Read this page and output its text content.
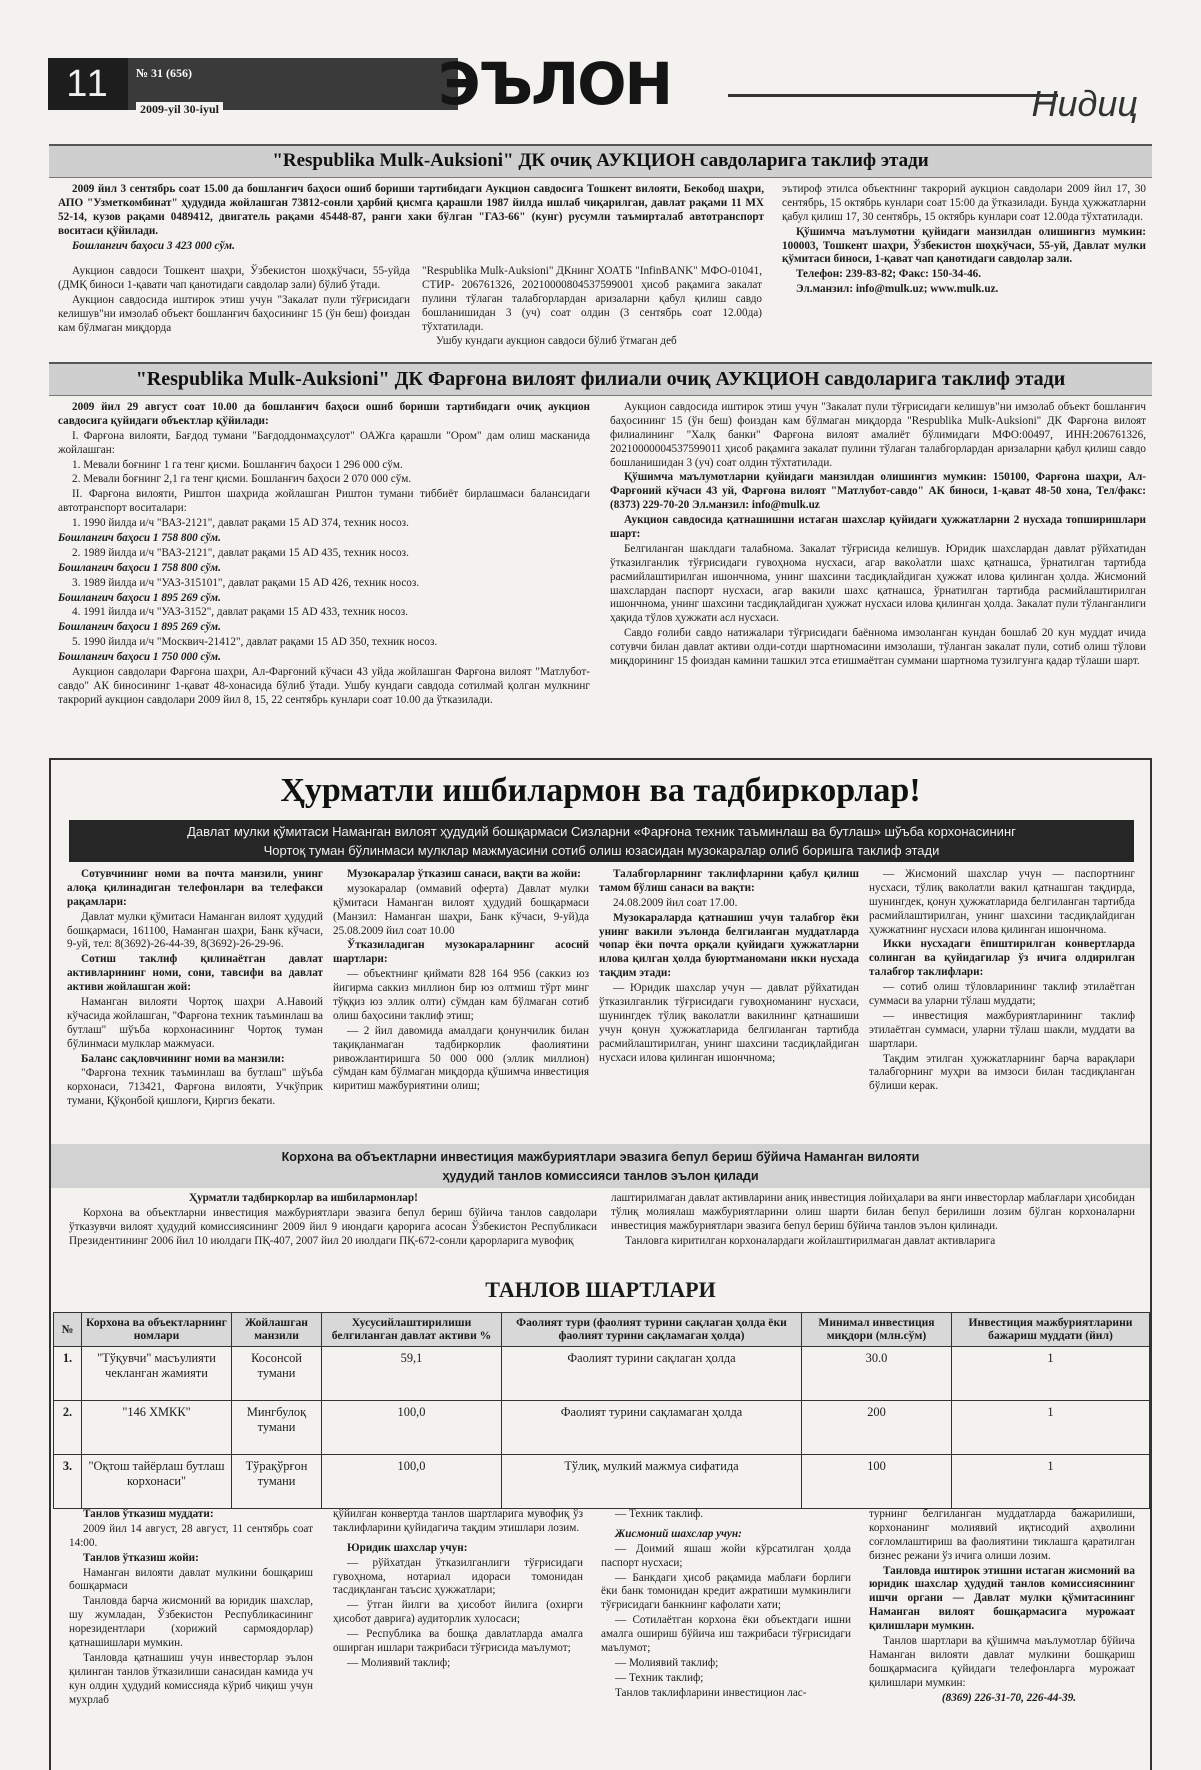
11	№ 31 (656)
2009-yil 30-iyul	ЭЪЛОН	Нидиц
"Respublika Mulk-Auksioni" ДК очиқ АУКЦИОН савдоларига таклиф этади

2009 йил 3 сентябрь соат 15.00 да бошланғич баҳоси ошиб бориши тартибидаги Аукцион савдосига Тошкент вилояти, Бекобод шаҳри, АПО "Узметкомбинат" ҳудудида жойлашган 73812-сонли ҳарбий қисмга қарашли 1987 йилда ишлаб чиқарилган, давлат рақами 11 МХ 52-14, кузов рақами 0489412, двигатель рақами 45448-87, ранги хаки бўлган "ГАЗ-66" (кунг) русумли таъмирталаб автотранспорт воситаси қўйилади.

Бошланғич баҳоси 3 423 000 сўм.

Аукцион савдоси Тошкент шаҳри, Ўзбекистон шоҳкўчаси, 55-уйда (ДМҚ биноси 1-қавати чап қанотидаги савдолар зали) бўлиб ўтади.

Аукцион савдосида иштирок этиш учун "Закалат пули тўғрисидаги келишув"ни имзолаб объект бошланғич баҳосининг 15 (ўн беш) фоиздан кам бўлмаган миқдорда

"Respublika Mulk-Auksioni" ДКнинг ХОАТБ "InfinBANK" МФО-01041, СТИР- 206761326, 20210000804537599001 ҳисоб рақамига закалат пулини тўлаган талабгорлардан аризаларни қабул қилиш савдо бошланишидан 3 (уч) соат олдин (3 сентябрь соат 12.00да) тўхтатилади.

Ушбу кундаги аукцион савдоси бўлиб ўтмаган деб

эътироф этилса объектнинг такрорий аукцион савдолари 2009 йил 17, 30 сентябрь, 15 октябрь кунлари соат 15:00 да ўтказилади. Бунда ҳужжатларни қабул қилиш 17, 30 сентябрь, 15 октябрь кунлари соат 12.00да тўхтатилади.

Қўшимча маълумотни қуйидаги манзилдан олишингиз мумкин: 100003, Тошкент шаҳри, Ўзбекистон шоҳкўчаси, 55-уй, Давлат мулки қўмитаси биноси, 1-қават чап қанотидаги савдолар зали.

Телефон: 239-83-82; Факс: 150-34-46.

Эл.манзил: info@mulk.uz; www.mulk.uz.

"Respublika Mulk-Auksioni" ДК Фарғона вилоят филиали очиқ АУКЦИОН савдоларига таклиф этади

2009 йил 29 август соат 10.00 да бошланғич баҳоси ошиб бориши тартибидаги очиқ аукцион савдосига қуйидаги объектлар қўйилади:

I. Фарғона вилояти, Бағдод тумани "Бағдоддонмаҳсулот" ОАЖга қарашли "Ором" дам олиш масканида жойлашган:

1. Мевали боғнинг 1 га тенг қисми. Бошланғич баҳоси 1 296 000 сўм.

2. Мевали боғнинг 2,1 га тенг қисми. Бошланғич баҳоси 2 070 000 сўм.

II. Фарғона вилояти, Риштон шаҳрида жойлашган Риштон тумани тиббиёт бирлашмаси балансидаги автотранспорт воситалари:

1. 1990 йилда и/ч "ВАЗ-2121", давлат рақами 15 AD 374, техник носоз.

Бошланғич баҳоси 1 758 800 сўм.

2. 1989 йилда и/ч "ВАЗ-2121", давлат рақами 15 AD 435, техник носоз.

Бошланғич баҳоси 1 758 800 сўм.

3. 1989 йилда и/ч "УАЗ-315101", давлат рақами 15 AD 426, техник носоз.

Бошланғич баҳоси 1 895 269 сўм.

4. 1991 йилда и/ч "УАЗ-3152", давлат рақами 15 AD 433, техник носоз.

Бошланғич баҳоси 1 895 269 сўм.

5. 1990 йилда и/ч "Москвич-21412", давлат рақами 15 AD 350, техник носоз.

Бошланғич баҳоси 1 750 000 сўм.

Аукцион савдолари Фарғона шаҳри, Ал-Фарғоний кўчаси 43 уйда жойлашган Фарғона вилоят "Матлубот-савдо" АК биносининг 1-қават 48-хонасида бўлиб ўтади. Ушбу кундаги савдода сотилмай қолган мулкнинг такрорий аукцион савдолари 2009 йил 8, 15, 22 сентябрь кунлари соат 10.00 да ўтказилади.

Аукцион савдосида иштирок этиш учун "Закалат пули тўғрисидаги келишув"ни имзолаб объект бошланғич баҳосининг 15 (ўн беш) фоиздан кам бўлмаган миқдорда "Respublika Mulk-Auksioni" ДК Фарғона вилоят филиалининг "Халқ банки" Фарғона вилоят амалиёт бўлимидаги МФО:00497, ИНН:206761326, 20210000004537599011 ҳисоб рақамига закалат пулини тўлаган талабгорлардан аризаларни қабул қилиш савдо бошланишидан 3 (уч) соат олдин тўхтатилади.

Қўшимча маълумотларни қуйидаги манзилдан олишингиз мумкин: 150100, Фарғона шаҳри, Ал-Фарғоний кўчаси 43 уй, Фарғона вилоят "Матлубот-савдо" АК биноси, 1-қават 48-50 хона, Тел/факс: (8373) 229-70-20 Эл.манзил: info@mulk.uz

Аукцион савдосида қатнашишни истаган шахслар қуйидаги ҳужжатларни 2 нусхада топширишлари шарт:

Белгиланган шаклдаги талабнома. Закалат тўғрисида келишув. Юридик шахслардан давлат рўйхатидан ўтказилганлик тўғрисидаги гувоҳнома нусхаси, агар вакολатли шахс қатнашса, ўрнатилган тартибда расмийлаштирилган ишончнома, унинг шахсини тасдиқлайдиган ҳужжат илова қилинган ҳолда. Жисмоний шахслардан паспорт нусхаси, агар вакили шахс қатнашса, ўрнатилган тартибда расмийлаштирилган ишончнома, унинг шахсини тасдиқлайдиган ҳужжат нусхаси илова қилинган ҳолда. Закалат пули тўланганлиги ҳақида тўлов ҳужжати асл нусхаси.

Савдо ғолиби савдо натижалари тўғрисидаги баённома имзоланган кундан бошлаб 20 кун муддат ичида сотувчи билан давлат активи олди-сотди шартномасини имзолаши, тўланган закалат пули, сотиб олиш тўлови миқдорининг 15 фоиздан камини ташкил этса етишмаётган суммани шартнома тузилгунга қадар тўлаши шарт.

Ҳурматли ишбилармон ва тадбиркорлар!
Давлат мулки қўмитаси Наманган вилоят ҳудудий бошқармаси Сизларни «Фарғона техник таъминлаш ва бутлаш» шўъба корхонасининг
Чортоқ туман бўлинмаси мулклар мажмуасини сотиб олиш юзасидан музокаралар олиб боришга таклиф этади

Сотувчининг номи ва почта манзили, унинг алоқа қилинадиган телефонлари ва телефакси рақамлари:

Давлат мулки қўмитаси Наманган вилоят ҳудудий бошқармаси, 161100, Наманган шаҳри, Банк кўчаси, 9-уй, тел: 8(3692)-26-44-39, 8(3692)-26-29-96.

Сотиш таклиф қилинаётган давлат активларининг номи, сони, тавсифи ва давлат активи жойлашган жой:

Наманган вилояти Чортоқ шаҳри А.Навоий кўчасида жойлашган, "Фарғона техник таъминлаш ва бутлаш" шўъба корхонасининг Чортоқ туман бўлинмаси мулклар мажмуаси.

Баланс сақловчининг номи ва манзили:

"Фарғона техник таъминлаш ва бутлаш" шўъба корхонаси, 713421, Фарғона вилояти, Учкўприк тумани, Қўқонбой қишлоғи, Қиргиз бекати.

Музокаралар ўтказиш санаси, вақти ва жойи:

музокаралар (оммавий оферта) Давлат мулки қўмитаси Наманган вилоят ҳудудий бошқармаси (Манзил: Наманган шаҳри, Банк кўчаси, 9-уй)да 25.08.2009 йил соат 10.00

Ўтказиладиган музокараларнинг асосий шартлари:

— объектнинг қиймати 828 164 956 (саккиз юз йигирма саккиз миллион бир юз олтмиш тўрт минг тўққиз юз эллик олти) сўмдан кам бўлмаган сотиб олиш баҳосини таклиф этиш;

— 2 йил давомида амалдаги қонунчилик билан тақиқланмаган тадбиркорлик фаолиятини ривожлантиришга 50 000 000 (эллик миллион) сўмдан кам бўлмаган миқдорда қўшимча инвестиция киритиш мажбуриятини олиш;

Талабгорларнинг таклифларини қабул қилиш тамом бўлиш санаси ва вақти:

24.08.2009 йил соат 17.00.

Музокараларда қатнашиш учун талабгор ёки унинг вакили эълонда белгиланган муддатларда чопар ёки почта орқали қуйидаги ҳужжатларни илова қилган ҳолда буюртманомани икки нусхада тақдим этади:

— Юридик шахслар учун — давлат рўйхатидан ўтказилганлик тўғрисидаги гувоҳноманинг нусхаси, шунингдек тўлиқ ваколатли вакилнинг қатнашиши учун қонун ҳужжатларида белгиланган тартибда расмийлаштирилган, унинг шахсини тасдиқлайдиган нусхаси илова қилинган ишончнома;

— Жисмоний шахслар учун — паспортнинг нусхаси, тўлиқ ваколатли вакил қатнашган тақдирда, шунингдек, қонун ҳужжатларида белгиланган тартибда расмийлаштирилган, унинг шахсини тасдиқлайдиган ҳужжатнинг нусхаси илова қилинган ишончнома.

Икки нусхадаги ёпиштирилган конвертларда солинган ва қуйидагилар ўз ичига олдирилган талабгор таклифлари:

— сотиб олиш тўловларининг таклиф этилаётган суммаси ва уларни тўлаш муддати;

— инвестиция мажбуриятларининг таклиф этилаётган суммаси, уларни тўлаш шакли, муддати ва шартлари.

Тақдим этилган ҳужжатларнинг барча варақлари талабгорнинг муҳри ва имзоси билан тасдиқланган бўлиши керак.

Корхона ва объектларни инвестиция мажбуриятлари эвазига бепул бериш бўйича Наманган вилояти
ҳудудий танлов комиссияси танлов эълон қилади

Ҳурматли тадбиркорлар ва ишбилармонлар!

Корхона ва объектларни инвестиция мажбуриятлари эвазига бепул бериш бўйича танлов савдолари ўтказувчи вилоят ҳудудий комиссиясининг 2009 йил 9 июндаги қарорига асосан Ўзбекистон Республикаси Президентининг 2006 йил 10 июлдаги ПҚ-407, 2007 йил 20 июлдаги ПҚ-672-сонли қарорларига мувофиқ

лаштирилмаган давлат активларини аниқ инвестиция лойиҳалари ва янги инвесторлар маблағлари ҳисобидан тўлиқ молиялаш мажбуриятларини олиш шарти билан бепул берилиши лозим бўлган корхоналарни инвестиция мажбуриятлари эвазига бепул бериш бўйича танлов эълон қилинади.

Танловга киритилган корхоналардаги жойлаштирилмаган давлат активларига

ТАНЛОВ ШАРТЛАРИ
№	Корхона ва объектларнинг номлари	Жойлашган манзили	Хусусийлаштирилиши белгиланган давлат активи %	Фаолият тури (фаолият турини сақлаган ҳолда ёки фаолият турини сақламаган ҳолда)	Минимал инвестиция миқдори (млн.сўм)	Инвестиция мажбуриятларини бажариш муддати (йил)
1.	"Тўқувчи" масъулияти чекланган жамияти	Косонсой тумани	59,1	Фаолият турини сақлаган ҳолда	30.0	1
2.	"146 ХМКК"	Мингбулоқ тумани	100,0	Фаолият турини сақламаган ҳолда	200	1
3.	"Оқтош тайёрлаш бутлаш корхонаси"	Тўрақўрғон тумани	100,0	Тўлиқ, мулкий мажмуа сифатида	100	1

Танлов ўтказиш муддати:

2009 йил 14 август, 28 август, 11 сентябрь соат 14:00.

Танлов ўтказиш жойи:

Наманган вилояти давлат мулкини бошқариш бошқармаси

Танловда барча жисмоний ва юридик шахслар, шу жумладан, Ўзбекистон Республикасининг норезидентлари (хорижий сармоядорлар) қатнашишлари мумкин.

Танловда қатнашиш учун инвесторлар эълон қилинган танлов ўтказилиши санасидан камида уч кун олдин ҳудудий комиссияда кўриб чиқиш учун мухрлаб

қўйилган конвертда танлов шартларига мувофиқ ўз таклифларини қуйидагича тақдим этишлари лозим.

Юридик шахслар учун:

— рўйхатдан ўтказилганлиги тўғрисидаги гувоҳнома, нотариал идораси томонидан тасдиқланган таъсис ҳужжатлари;

— ўтган йилги ва ҳисобот йилига (охирги ҳисобот даврига) аудиторлик хулосаси;

— Республика ва бошқа давлатларда амалга оширган ишлари тажрибаси тўғрисида маълумот;

— Молиявий таклиф;

— Техник таклиф.

Жисмоний шахслар учун:

— Доимий яшаш жойи кўрсатилган ҳолда паспорт нусхаси;

— Банкдаги ҳисоб рақамида маблағи борлиги ёки банк томонидан кредит ажратиши мумкинлиги тўғрисидаги банкнинг кафолати хати;

— Сотилаётган корхона ёки объектдаги ишни амалга ошириш бўйича иш тажрибаси тўғрисидаги маълумот;

— Молиявий таклиф;

— Техник таклиф;

Танлов таклифларини инвестицион лас-

турнинг белгиланган муддатларда бажарилиши, корхонанинг молиявий иқтисодий аҳволини соғломлаштириш ва фаолиятини тиклашга қаратилган бизнес режани ўз ичига олиши лозим.

Танловда иштирок этишни истаган жисмоний ва юридик шахслар ҳудудий танлов комиссиясининг ишчи органи — Давлат мулки қўмитасининг Наманган вилоят бошқармасига мурожаат қилишлари мумкин.

Танлов шартлари ва қўшимча маълумотлар бўйича Наманган вилояти давлат мулкини бошқариш бошқармасига қуйидаги телефонларга мурожаат қилишлари мумкин:

(8369) 226-31-70, 226-44-39.
